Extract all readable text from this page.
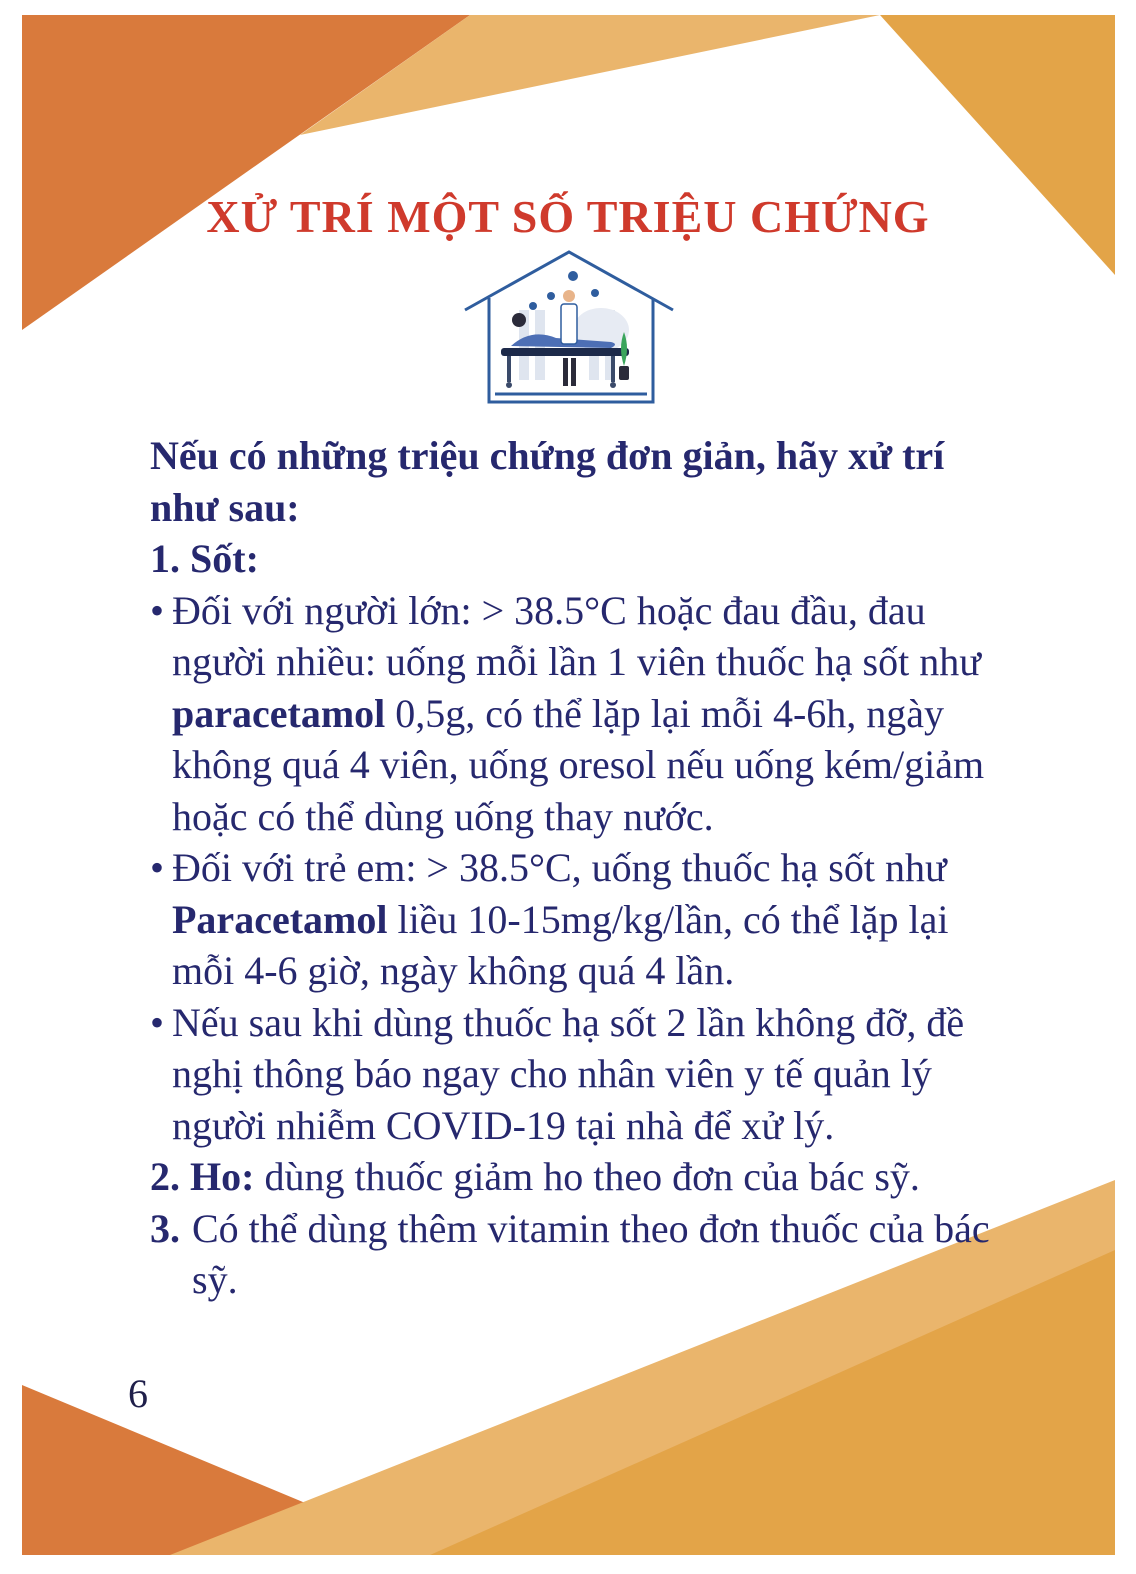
XỬ TRÍ MỘT SỐ TRIỆU CHỨNG

Nếu có những triệu chứng đơn giản, hãy xử trí như sau:

1. Sốt:

• Đối với người lớn: > 38.5°C hoặc đau đầu, đau người nhiều: uống mỗi lần 1 viên thuốc hạ sốt như paracetamol 0,5g, có thể lặp lại mỗi 4-6h, ngày không quá 4 viên, uống oresol nếu uống kém/giảm hoặc có thể dùng uống thay nước.

• Đối với trẻ em: > 38.5°C, uống thuốc hạ sốt như Paracetamol liều 10-15mg/kg/lần, có thể lặp lại mỗi 4-6 giờ, ngày không quá 4 lần.

• Nếu sau khi dùng thuốc hạ sốt 2 lần không đỡ, đề nghị thông báo ngay cho nhân viên y tế quản lý người nhiễm COVID-19 tại nhà để xử lý.

2. Ho: dùng thuốc giảm ho theo đơn của bác sỹ.

3. Có thể dùng thêm vitamin theo đơn thuốc của bác sỹ.

6
